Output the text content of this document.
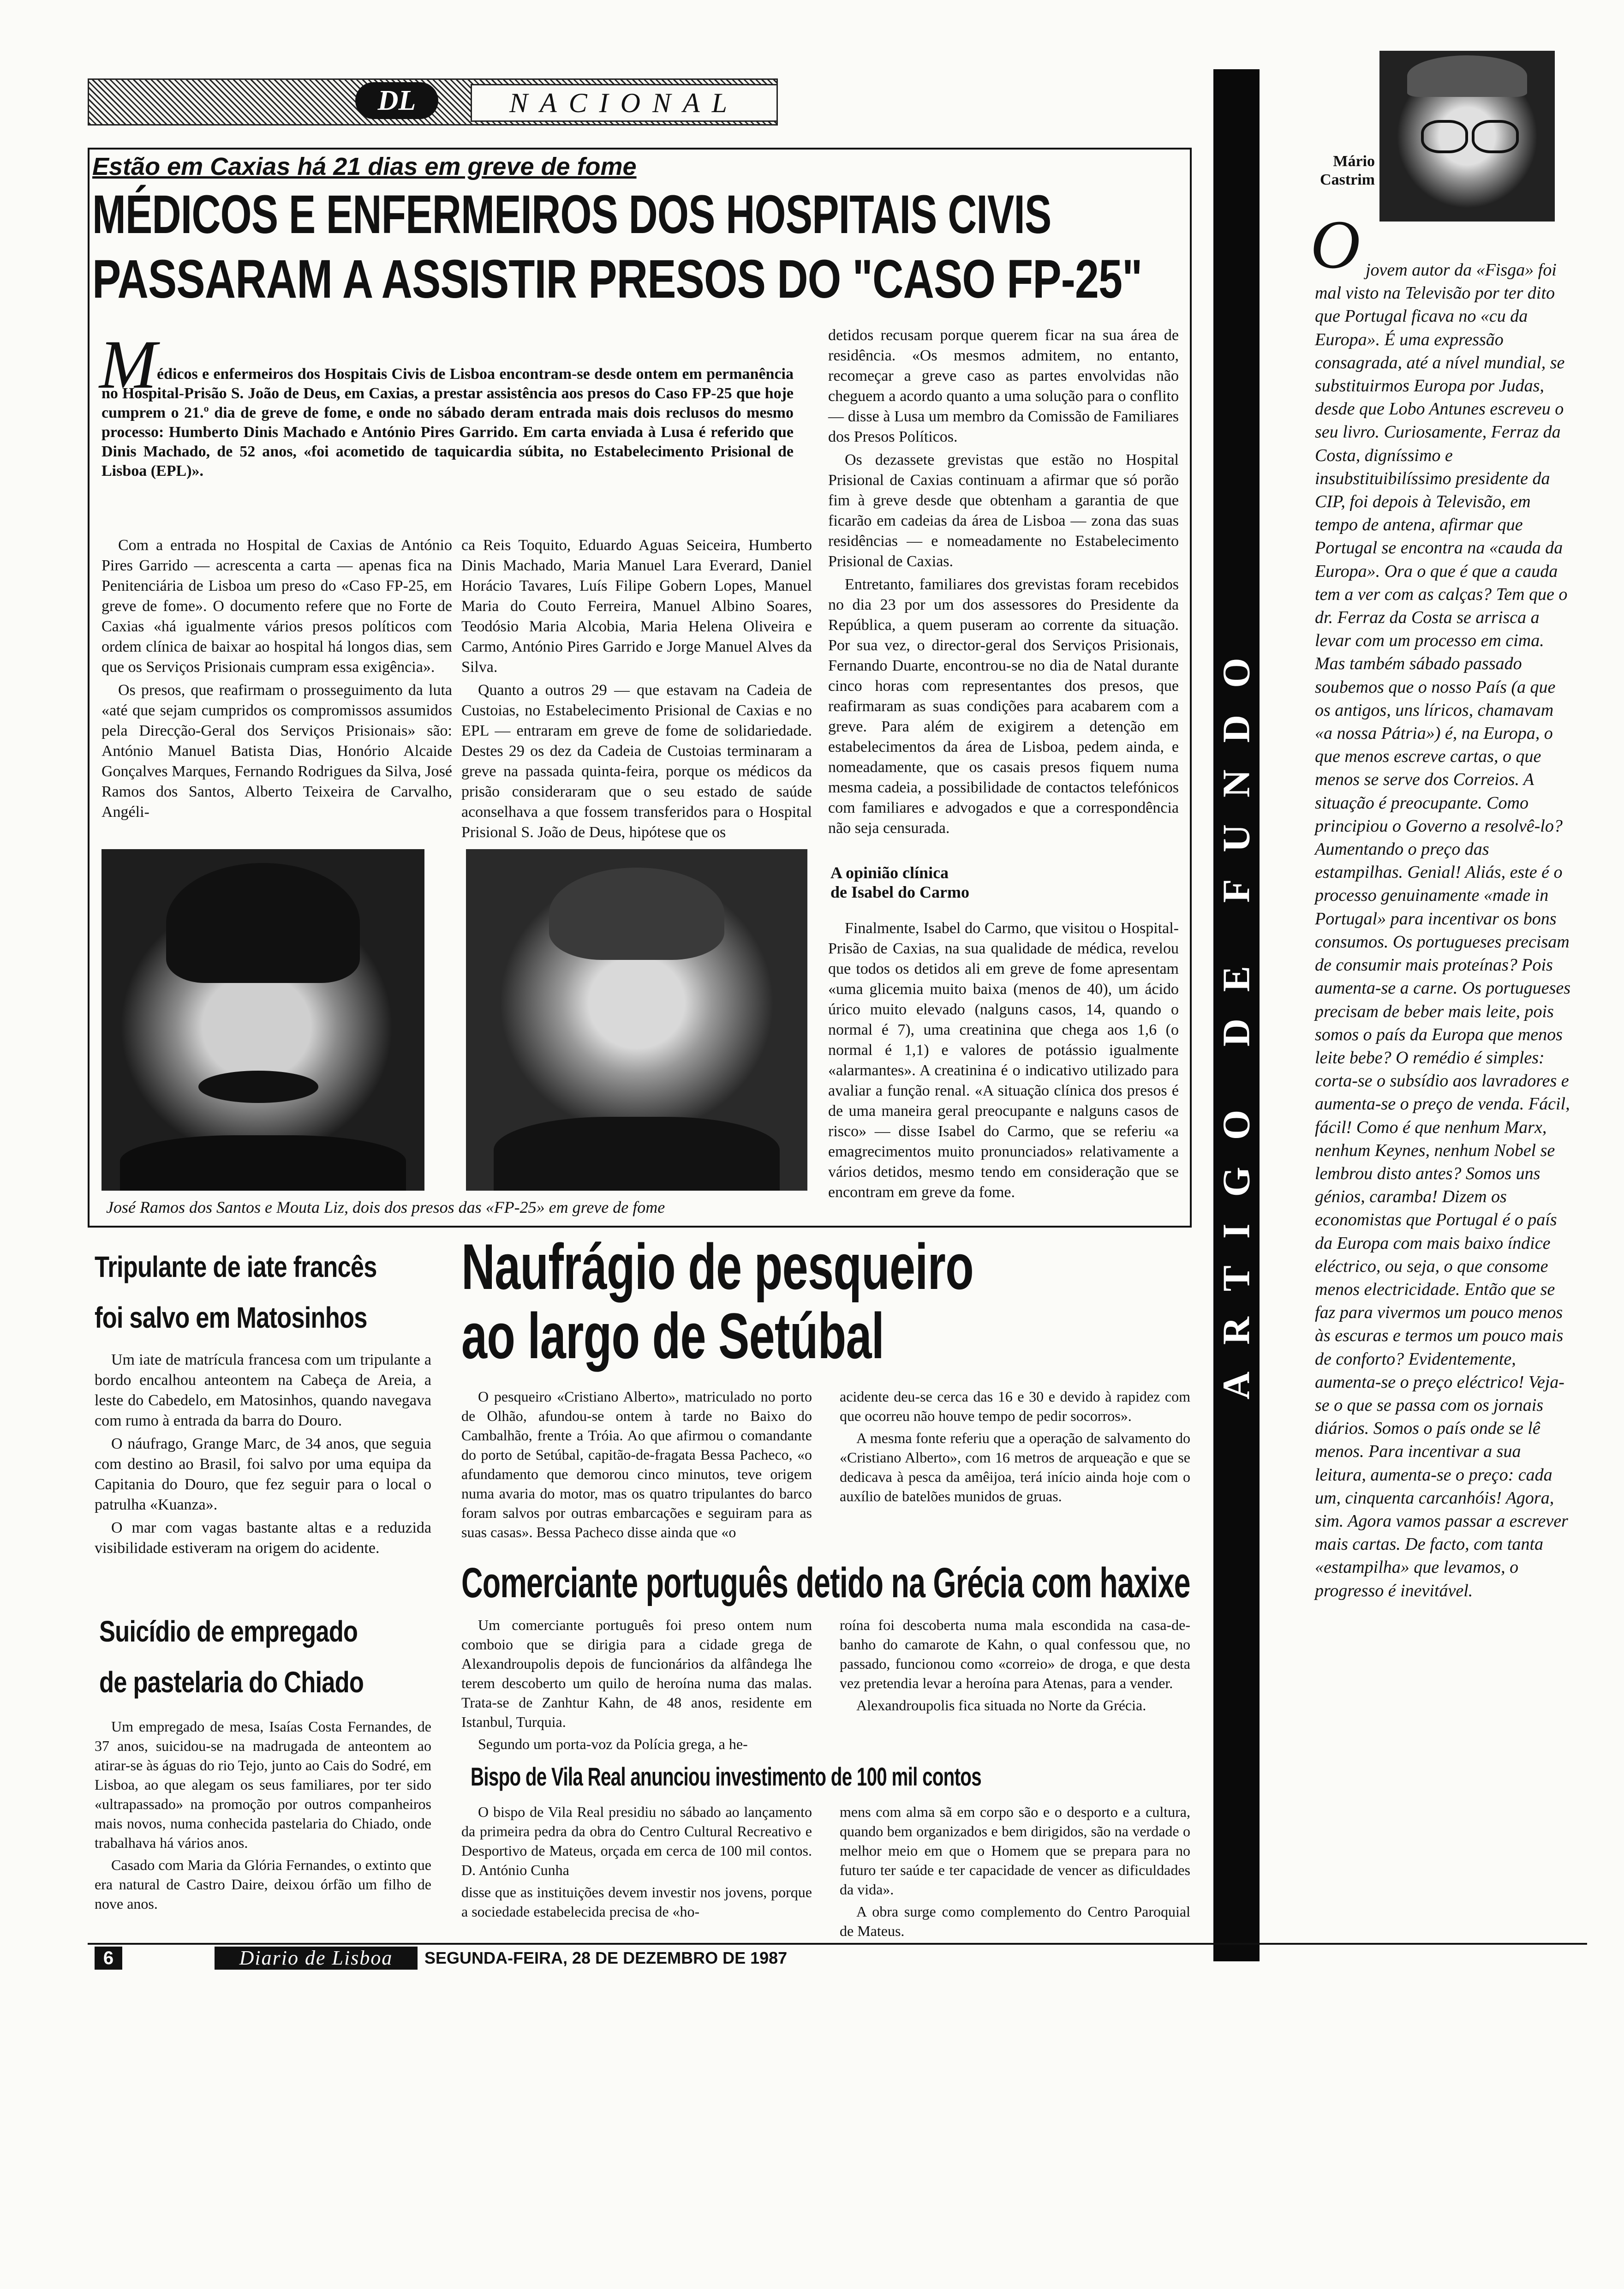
DL	NACIONAL
Estão em Caxias há 21 dias em greve de fome
MÉDICOS E ENFERMEIROS DOS HOSPITAIS CIVIS
PASSARAM A ASSISTIR PRESOS DO "CASO FP-25"
M édicos e enfermeiros dos Hospitais Civis de Lisboa encontram-se desde ontem em permanência no Hospital-Prisão S. João de Deus, em Caxias, a prestar assistência aos presos do Caso FP-25 que hoje cumprem o 21.º dia de greve de fome, e onde no sábado deram entrada mais dois reclusos do mesmo processo: Humberto Dinis Machado e António Pires Garrido. Em carta enviada à Lusa é referido que Dinis Machado, de 52 anos, «foi acometido de taquicardia súbita, no Estabelecimento Prisional de Lisboa (EPL)».

Com a entrada no Hospital de Caxias de António Pires Garrido — acrescenta a carta — apenas fica na Penitenciária de Lisboa um preso do «Caso FP-25, em greve de fome». O documento refere que no Forte de Caxias «há igualmente vários presos políticos com ordem clínica de baixar ao hospital há longos dias, sem que os Serviços Prisionais cumpram essa exigência».

Os presos, que reafirmam o prosseguimento da luta «até que sejam cumpridos os compromissos assumidos pela Direcção-Geral dos Serviços Prisionais» são: António Manuel Batista Dias, Honório Alcaide Gonçalves Marques, Fernando Rodrigues da Silva, José Ramos dos Santos, Alberto Teixeira de Carvalho, Angéli-

ca Reis Toquito, Eduardo Aguas Seiceira, Humberto Dinis Machado, Maria Manuel Lara Everard, Daniel Horácio Tavares, Luís Filipe Gobern Lopes, Manuel Maria do Couto Ferreira, Manuel Albino Soares, Teodósio Maria Alcobia, Maria Helena Oliveira e Carmo, António Pires Garrido e Jorge Manuel Alves da Silva.

Quanto a outros 29 — que estavam na Cadeia de Custoias, no Estabelecimento Prisional de Caxias e no EPL — entraram em greve de fome de solidariedade. Destes 29 os dez da Cadeia de Custoias terminaram a greve na passada quinta-feira, porque os médicos da prisão consideraram que o seu estado de saúde aconselhava a que fossem transferidos para o Hospital Prisional S. João de Deus, hipótese que os

detidos recusam porque querem ficar na sua área de residência. «Os mesmos admitem, no entanto, recomeçar a greve caso as partes envolvidas não cheguem a acordo quanto a uma solução para o conflito — disse à Lusa um membro da Comissão de Familiares dos Presos Políticos.

Os dezassete grevistas que estão no Hospital Prisional de Caxias continuam a afirmar que só porão fim à greve desde que obtenham a garantia de que ficarão em cadeias da área de Lisboa — zona das suas residências — e nomeadamente no Estabelecimento Prisional de Caxias.

Entretanto, familiares dos grevistas foram recebidos no dia 23 por um dos assessores do Presidente da República, a quem puseram ao corrente da situação. Por sua vez, o director-geral dos Serviços Prisionais, Fernando Duarte, encontrou-se no dia de Natal durante cinco horas com representantes dos presos, que reafirmaram as suas condições para acabarem com a greve. Para além de exigirem a detenção em estabelecimentos da área de Lisboa, pedem ainda, e nomeadamente, que os casais presos fiquem numa mesma cadeia, a possibilidade de contactos telefónicos com familiares e advogados e que a correspondência não seja censurada.

A opinião clínica
de Isabel do Carmo

Finalmente, Isabel do Carmo, que visitou o Hospital-Prisão de Caxias, na sua qualidade de médica, revelou que todos os detidos ali em greve de fome apresentam «uma glicemia muito baixa (menos de 40), um ácido úrico muito elevado (nalguns casos, 14, quando o normal é 7), uma creatinina que chega aos 1,6 (o normal é 1,1) e valores de potássio igualmente «alarmantes». A creatinina é o indicativo utilizado para avaliar a função renal. «A situação clínica dos presos é de uma maneira geral preocupante e nalguns casos de risco» — disse Isabel do Carmo, que se referiu «a emagrecimentos muito pronunciados» relativamente a vários detidos, mesmo tendo em consideração que se encontram em greve da fome.

José Ramos dos Santos e Mouta Liz, dois dos presos das «FP-25» em greve de fome
Tripulante de iate francês
foi salvo em Matosinhos

Um iate de matrícula francesa com um tripulante a bordo encalhou anteontem na Cabeça de Areia, a leste do Cabedelo, em Matosinhos, quando navegava com rumo à entrada da barra do Douro.

O náufrago, Grange Marc, de 34 anos, que seguia com destino ao Brasil, foi salvo por uma equipa da Capitania do Douro, que fez seguir para o local o patrulha «Kuanza».

O mar com vagas bastante altas e a reduzida visibilidade estiveram na origem do acidente.

Suicídio de empregado
de pastelaria do Chiado

Um empregado de mesa, Isaías Costa Fernandes, de 37 anos, suicidou-se na madrugada de anteontem ao atirar-se às águas do rio Tejo, junto ao Cais do Sodré, em Lisboa, ao que alegam os seus familiares, por ter sido «ultrapassado» na promoção por outros companheiros mais novos, numa conhecida pastelaria do Chiado, onde trabalhava há vários anos.

Casado com Maria da Glória Fernandes, o extinto que era natural de Castro Daire, deixou órfão um filho de nove anos.

Naufrágio de pesqueiro
ao largo de Setúbal

O pesqueiro «Cristiano Alberto», matriculado no porto de Olhão, afundou-se ontem à tarde no Baixo do Cambalhão, frente a Tróia. Ao que afirmou o comandante do porto de Setúbal, capitão-de-fragata Bessa Pacheco, «o afundamento que demorou cinco minutos, teve origem numa avaria do motor, mas os quatro tripulantes do barco foram salvos por outras embarcações e seguiram para as suas casas». Bessa Pacheco disse ainda que «o

acidente deu-se cerca das 16 e 30 e devido à rapidez com que ocorreu não houve tempo de pedir socorros».

A mesma fonte referiu que a operação de salvamento do «Cristiano Alberto», com 16 metros de arqueação e que se dedicava à pesca da amêijoa, terá início ainda hoje com o auxílio de batelões munidos de gruas.

Comerciante português detido na Grécia com haxixe

Um comerciante português foi preso ontem num comboio que se dirigia para a cidade grega de Alexandroupolis depois de funcionários da alfândega lhe terem descoberto um quilo de heroína numa das malas. Trata-se de Zanhtur Kahn, de 48 anos, residente em Istanbul, Turquia.

Segundo um porta-voz da Polícia grega, a he-

roína foi descoberta numa mala escondida na casa-de-banho do camarote de Kahn, o qual confessou que, no passado, funcionou como «correio» de droga, e que desta vez pretendia levar a heroína para Atenas, para a vender.

Alexandroupolis fica situada no Norte da Grécia.

Bispo de Vila Real anunciou investimento de 100 mil contos

O bispo de Vila Real presidiu no sábado ao lançamento da primeira pedra da obra do Centro Cultural Recreativo e Desportivo de Mateus, orçada em cerca de 100 mil contos. D. António Cunha

disse que as instituições devem investir nos jovens, porque a sociedade estabelecida precisa de «ho-

mens com alma sã em corpo são e o desporto e a cultura, quando bem organizados e bem dirigidos, são na verdade o melhor meio em que o Homem que se prepara para no futuro ter saúde e ter capacidade de vencer as dificuldades da vida».

A obra surge como complemento do Centro Paroquial de Mateus.

ARTIGO DE FUNDO
Mário
Castrim
O jovem autor da «Fisga» foi mal visto na Televisão por ter dito que Portugal ficava no «cu da Europa». É uma expressão consagrada, até a nível mundial, se substituirmos Europa por Judas, desde que Lobo Antunes escreveu o seu livro. Curiosamente, Ferraz da Costa, digníssimo e insubstituibilíssimo presidente da CIP, foi depois à Televisão, em tempo de antena, afirmar que Portugal se encontra na «cauda da Europa». Ora o que é que a cauda tem a ver com as calças? Tem que o dr. Ferraz da Costa se arrisca a levar com um processo em cima. Mas também sábado passado soubemos que o nosso País (a que os antigos, uns líricos, chamavam «a nossa Pátria») é, na Europa, o que menos escreve cartas, o que menos se serve dos Correios. A situação é preocupante. Como principiou o Governo a resolvê-lo? Aumentando o preço das estampilhas. Genial! Aliás, este é o processo genuinamente «made in Portugal» para incentivar os bons consumos. Os portugueses precisam de consumir mais proteínas? Pois aumenta-se a carne. Os portugueses precisam de beber mais leite, pois somos o país da Europa que menos leite bebe? O remédio é simples: corta-se o subsídio aos lavradores e aumenta-se o preço de venda. Fácil, fácil! Como é que nenhum Marx, nenhum Keynes, nenhum Nobel se lembrou disto antes? Somos uns génios, caramba! Dizem os economistas que Portugal é o país da Europa com mais baixo índice eléctrico, ou seja, o que consome menos electricidade. Então que se faz para vivermos um pouco menos às escuras e termos um pouco mais de conforto? Evidentemente, aumenta-se o preço eléctrico! Veja-se o que se passa com os jornais diários. Somos o país onde se lê menos. Para incentivar a sua leitura, aumenta-se o preço: cada um, cinquenta carcanhóis! Agora, sim. Agora vamos passar a escrever mais cartas. De facto, com tanta «estampilha» que levamos, o progresso é inevitável.
6	Diario de Lisboa	SEGUNDA-FEIRA, 28 DE DEZEMBRO DE 1987
